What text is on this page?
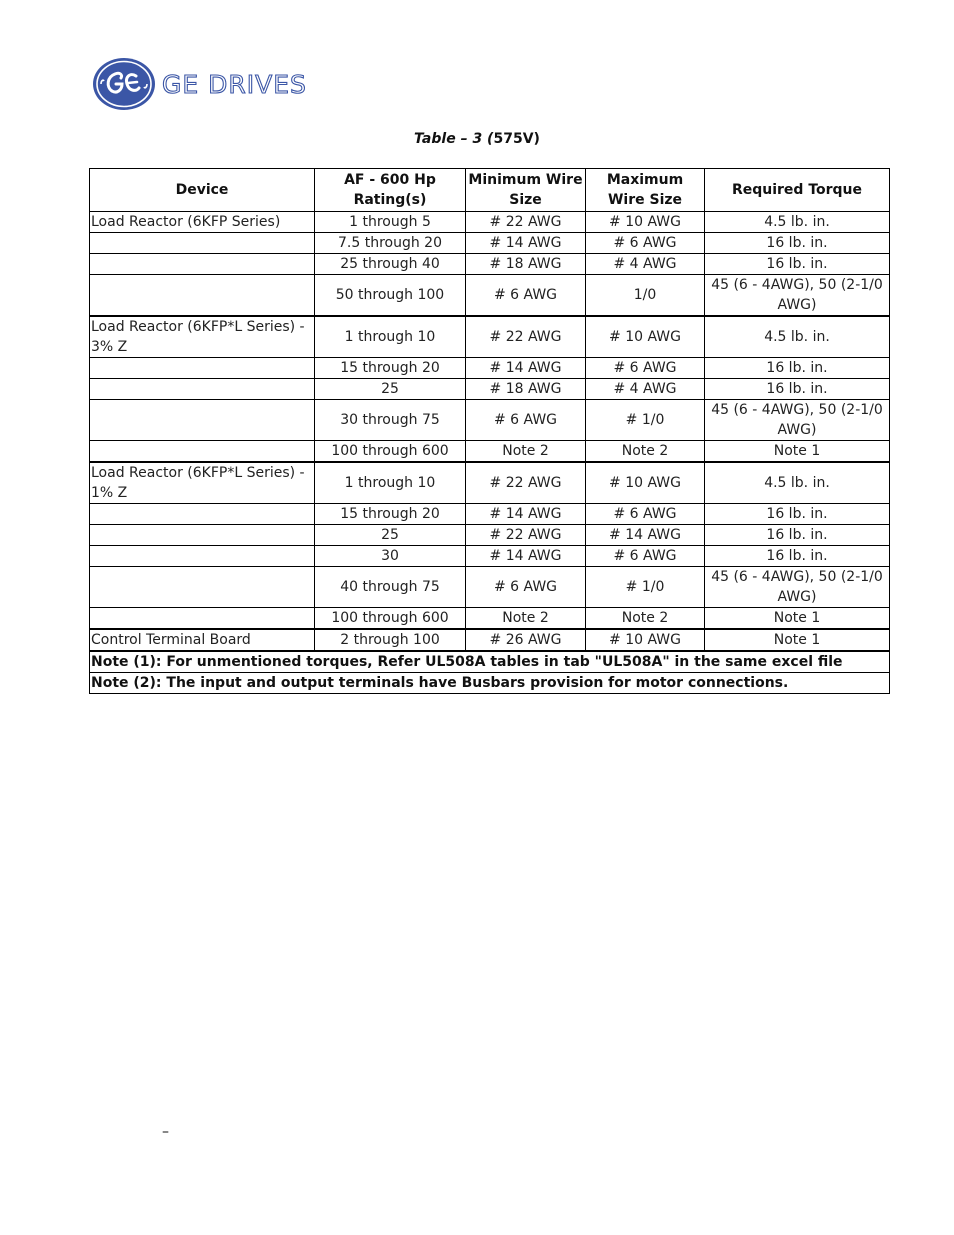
GE DRIVES
Table – 3 (575V)
Device	AF - 600 Hp Rating(s)	Minimum Wire Size	Maximum Wire Size	Required Torque
Load Reactor (6KFP Series)	1 through 5	# 22 AWG	# 10 AWG	4.5 lb. in.
	7.5 through 20	# 14 AWG	# 6 AWG	16 lb. in.
	25 through 40	# 18 AWG	# 4 AWG	16 lb. in.
	50 through 100	# 6 AWG	1/0	45 (6 - 4AWG), 50 (2-1/0 AWG)

Load Reactor (6KFP*L Series) - 3% Z	1 through 10	# 22 AWG	# 10 AWG	4.5 lb. in.
	15 through 20	# 14 AWG	# 6 AWG	16 lb. in.
	25	# 18 AWG	# 4 AWG	16 lb. in.
	30 through 75	# 6 AWG	# 1/0	45 (6 - 4AWG), 50 (2-1/0 AWG)
	100 through 600	Note 2	Note 2	Note 1

Load Reactor (6KFP*L Series) - 1% Z	1 through 10	# 22 AWG	# 10 AWG	4.5 lb. in.
	15 through 20	# 14 AWG	# 6 AWG	16 lb. in.
	25	# 22 AWG	# 14 AWG	16 lb. in.
	30	# 14 AWG	# 6 AWG	16 lb. in.
	40 through 75	# 6 AWG	# 1/0	45 (6 - 4AWG), 50 (2-1/0 AWG)
	100 through 600	Note 2	Note 2	Note 1

Control Terminal Board	2 through 100	# 26 AWG	# 10 AWG	Note 1

Note (1): For unmentioned torques, Refer UL508A tables in tab "UL508A" in the same excel file				
Note (2): The input and output terminals have Busbars provision for motor connections.				
–
